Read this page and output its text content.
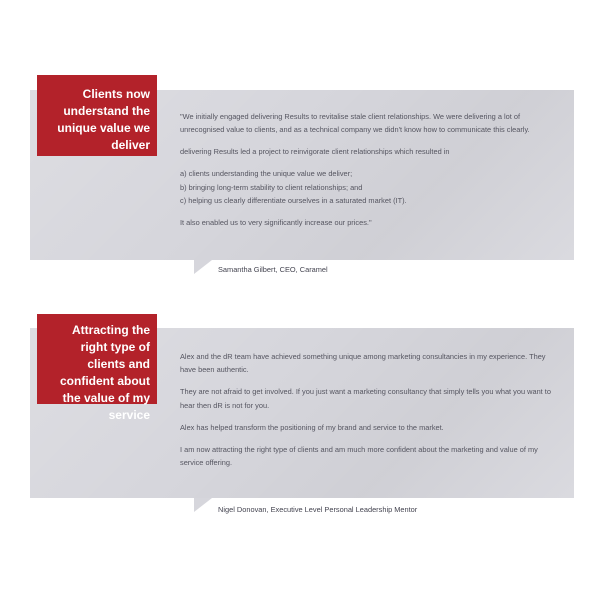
Clients now understand the unique value we deliver

"We initially engaged delivering Results to revitalise stale client relationships. We were delivering a lot of unrecognised value to clients, and as a technical company we didn't know how to communicate this clearly.

delivering Results led a project to reinvigorate client relationships which resulted in

a) clients understanding the unique value we deliver;
b) bringing long-term stability to client relationships; and
c) helping us clearly differentiate ourselves in a saturated market (IT).

It also enabled us to very significantly increase our prices."

Samantha Gilbert, CEO, Caramel
Attracting the right type of clients and confident about the value of my service

Alex and the dR team have achieved something unique among marketing consultancies in my experience. They have been authentic.

They are not afraid to get involved. If you just want a marketing consultancy that simply tells you what you want to hear then dR is not for you.

Alex has helped transform the positioning of my brand and service to the market.

I am now attracting the right type of clients and am much more confident about the marketing and value of my service offering.

Nigel Donovan, Executive Level Personal Leadership Mentor
